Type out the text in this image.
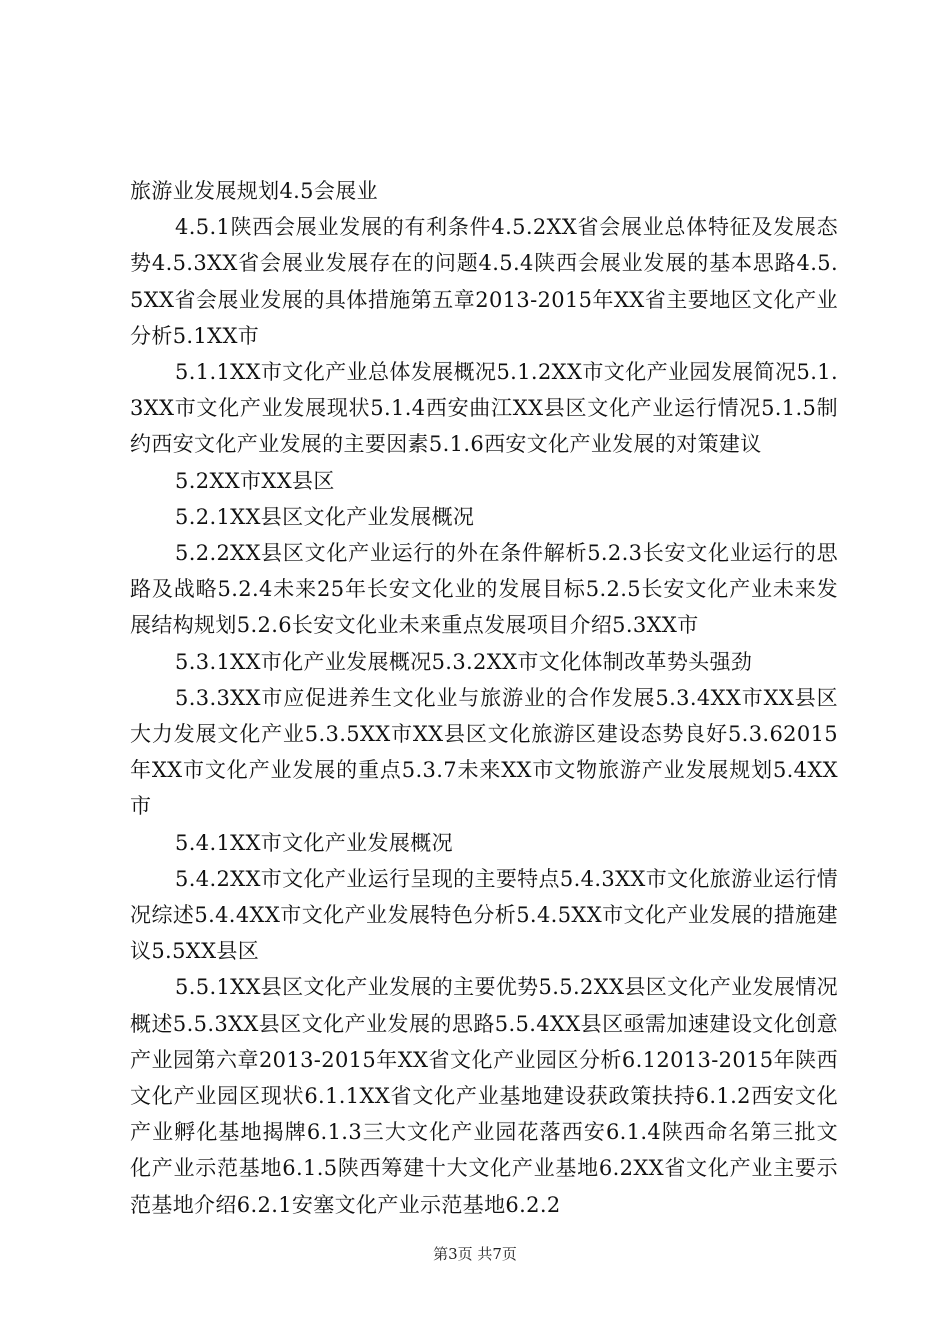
旅游业发展规划4.5会展业

4.5.1陕西会展业发展的有利条件4.5.2XX省会展业总体特征及发展态势4.5.3XX省会展业发展存在的问题4.5.4陕西会展业发展的基本思路4.5.5XX省会展业发展的具体措施第五章2013-2015年XX省主要地区文化产业分析5.1XX市

5.1.1XX市文化产业总体发展概况5.1.2XX市文化产业园发展简况5.1.3XX市文化产业发展现状5.1.4西安曲江XX县区文化产业运行情况5.1.5制约西安文化产业发展的主要因素5.1.6西安文化产业发展的对策建议

5.2XX市XX县区

5.2.1XX县区文化产业发展概况

5.2.2XX县区文化产业运行的外在条件解析5.2.3长安文化业运行的思路及战略5.2.4未来25年长安文化业的发展目标5.2.5长安文化产业未来发展结构规划5.2.6长安文化业未来重点发展项目介绍5.3XX市

5.3.1XX市化产业发展概况5.3.2XX市文化体制改革势头强劲

5.3.3XX市应促进养生文化业与旅游业的合作发展5.3.4XX市XX县区大力发展文化产业5.3.5XX市XX县区文化旅游区建设态势良好5.3.62015年XX市文化产业发展的重点5.3.7未来XX市文物旅游产业发展规划5.4XX市

5.4.1XX市文化产业发展概况

5.4.2XX市文化产业运行呈现的主要特点5.4.3XX市文化旅游业运行情况综述5.4.4XX市文化产业发展特色分析5.4.5XX市文化产业发展的措施建议5.5XX县区

5.5.1XX县区文化产业发展的主要优势5.5.2XX县区文化产业发展情况概述5.5.3XX县区文化产业发展的思路5.5.4XX县区亟需加速建设文化创意产业园第六章2013-2015年XX省文化产业园区分析6.12013-2015年陕西文化产业园区现状6.1.1XX省文化产业基地建设获政策扶持6.1.2西安文化产业孵化基地揭牌6.1.3三大文化产业园花落西安6.1.4陕西命名第三批文化产业示范基地6.1.5陕西筹建十大文化产业基地6.2XX省文化产业主要示范基地介绍6.2.1安塞文化产业示范基地6.2.2

第3页 共7页
